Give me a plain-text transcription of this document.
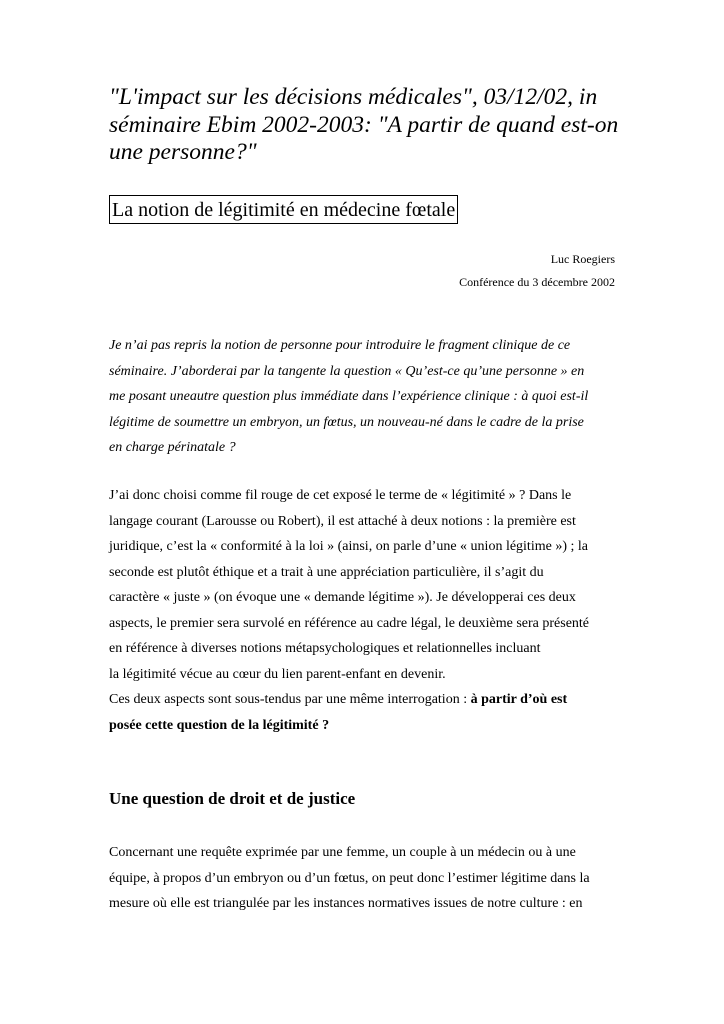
"L'impact sur les décisions médicales", 03/12/02, in séminaire Ebim 2002-2003: "A partir de quand est-on une personne?"
La notion de légitimité en médecine fœtale
Luc Roegiers
Conférence du 3 décembre 2002

Je n’ai pas repris la notion de personne pour introduire le fragment clinique de ce
séminaire. J’aborderai par la tangente la question « Qu’est-ce qu’une personne » en
me posant uneautre question plus immédiate dans l’expérience clinique : à quoi est-il
légitime de soumettre un embryon, un fœtus, un nouveau-né dans le cadre de la prise
en charge périnatale ?

J’ai donc choisi comme fil rouge de cet exposé le terme de « légitimité » ? Dans le
langage courant (Larousse ou Robert), il est attaché à deux notions : la première est
juridique, c’est la « conformité à la loi » (ainsi, on parle d’une « union légitime ») ; la
seconde est plutôt éthique et a trait à une appréciation particulière, il s’agit du
caractère « juste » (on évoque une « demande légitime »). Je développerai ces deux
aspects, le premier sera survolé en référence au cadre légal, le deuxième sera présenté
en référence à diverses notions métapsychologiques et relationnelles incluant
la légitimité vécue au cœur du lien parent-enfant en devenir.
Ces deux aspects sont sous-tendus par une même interrogation : à partir d’où est
posée cette question de la légitimité ?

Une question de droit et de justice

Concernant une requête exprimée par une femme, un couple à un médecin ou à une
équipe, à propos d’un embryon ou d’un fœtus, on peut donc l’estimer légitime dans la
mesure où elle est triangulée par les instances normatives issues de notre culture : en
